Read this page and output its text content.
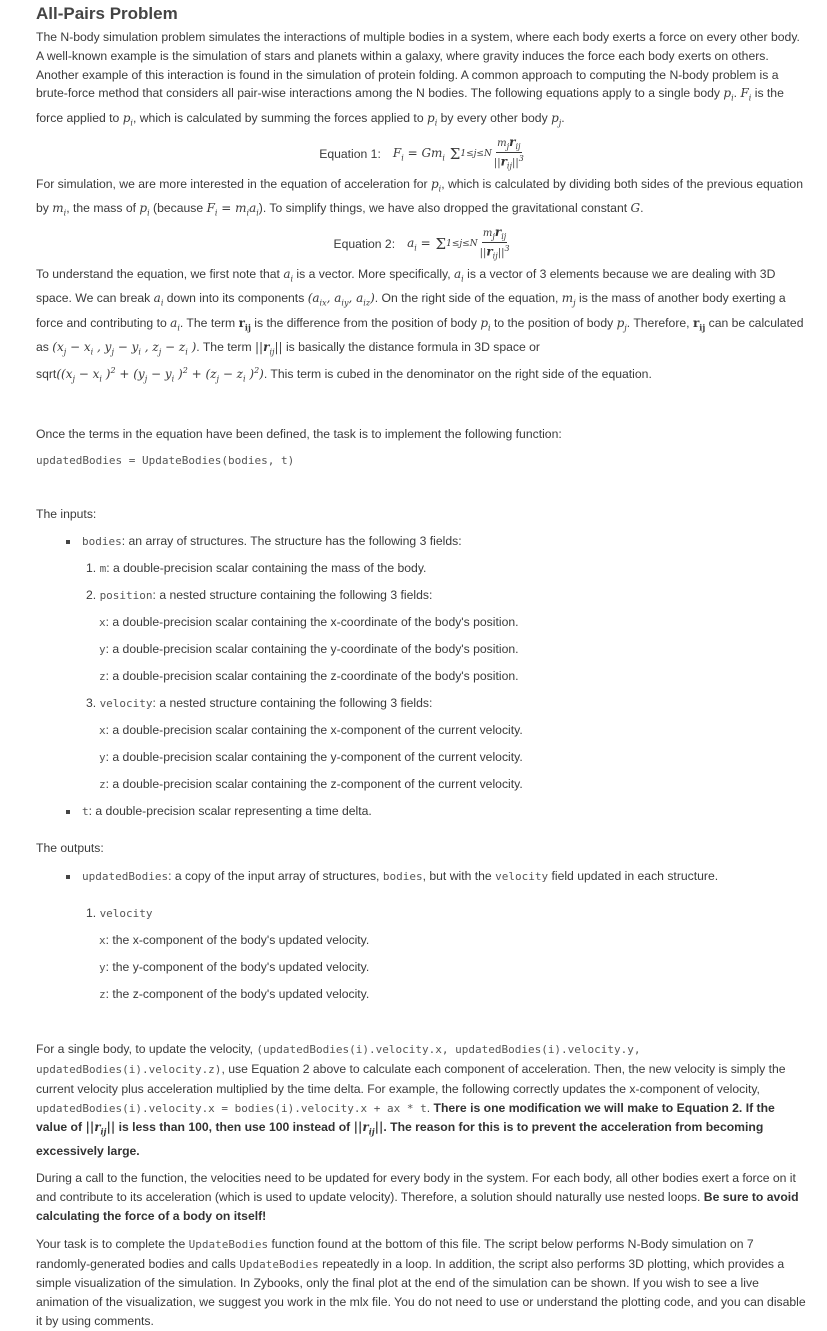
All-Pairs Problem

The N-body simulation problem simulates the interactions of multiple bodies in a system, where each body exerts a force on every other body. A well-known example is the simulation of stars and planets within a galaxy, where gravity induces the force each body exerts on others. Another example of this interaction is found in the simulation of protein folding. A common approach to computing the N-body problem is a brute-force method that considers all pair-wise interactions among the N bodies. The following equations apply to a single body $p_i$. $F_i$ is the force applied to $p_i$, which is calculated by summing the forces applied to $p_i$ by every other body $p_j$.

Equation 1: $F_i = Gm_i$ Σ $1\le j\le N \frac{m_jr_{ij}}{||r_{ij}||^3}$

For simulation, we are more interested in the equation of acceleration for $p_i$, which is calculated by dividing both sides of the previous equation by $m_i$, the mass of $p_i$ (because $F_i = m_ia_i$). To simplify things, we have also dropped the gravitational constant G.

Equation 2: $a_i = \Sigma$ $1\le j\le N \frac{m_jr_{ij}}{||r_{ij}||^3}$

To understand the equation, we first note that $a_i$ is a vector. More specifically, $a_i$ is a vector of 3 elements because we are dealing with 3D space. We can break $a_i$ down into its components ($a_{ix}$, $a_{iy}$, $a_{iz}$). On the right side of the equation, $m_j$ is the mass of another body exerting a force and contributing to $a_i$. The term $r_{ij}$ is the difference from the position of body $p_i$ to the position of body $p_j$. Therefore, $r_{ij}$ can be calculated as ($x_j - x_i$ , $y_j - y_i$ , $z_j - z_i$ ). The term $||r_{ij}||$ is basically the distance formula in 3D space or
$sqrt((x_j - x_i$ )$^2 + (y_j - y_i$ )$^2 + (z_j - z_i$ )$^2$). This term is cubed in the denominator on the right side of the equation.

Once the terms in the equation have been defined, the task is to implement the following function:

updatedBodies = UpdateBodies(bodies, t)

The inputs:

bodies: an array of structures. The structure has the following 3 fields:
1. m: a double-precision scalar containing the mass of the body.
2. position: a nested structure containing the following 3 fields:
x: a double-precision scalar containing the x-coordinate of the body's position.
y: a double-precision scalar containing the y-coordinate of the body's position.
z: a double-precision scalar containing the z-coordinate of the body's position.
3. velocity: a nested structure containing the following 3 fields:
x: a double-precision scalar containing the x-component of the current velocity.
y: a double-precision scalar containing the y-component of the current velocity.
z: a double-precision scalar containing the z-component of the current velocity.
t: a double-precision scalar representing a time delta.

The outputs:

updatedBodies: a copy of the input array of structures, bodies, but with the velocity field updated in each structure.
1. velocity
x: the x-component of the body's updated velocity.
y: the y-component of the body's updated velocity.
z: the z-component of the body's updated velocity.

For a single body, to update the velocity, (updatedBodies(i).velocity.x, updatedBodies(i).velocity.y, updatedBodies(i).velocity.z), use Equation 2 above to calculate each component of acceleration. Then, the new velocity is simply the current velocity plus acceleration multiplied by the time delta. For example, the following correctly updates the x-component of velocity, updatedBodies(i).velocity.x = bodies(i).velocity.x + ax * t. There is one modification we will make to Equation 2. If the value of $||r_{ij}||$ is less than 100, then use 100 instead of $||r_{ij}||$. The reason for this is to prevent the acceleration from becoming excessively large.

During a call to the function, the velocities need to be updated for every body in the system. For each body, all other bodies exert a force on it and contribute to its acceleration (which is used to update velocity). Therefore, a solution should naturally use nested loops. Be sure to avoid calculating the force of a body on itself!

Your task is to complete the UpdateBodies function found at the bottom of this file. The script below performs N-Body simulation on 7 randomly-generated bodies and calls UpdateBodies repeatedly in a loop. In addition, the script also performs 3D plotting, which provides a simple visualization of the simulation. In Zybooks, only the final plot at the end of the simulation can be shown. If you wish to see a live animation of the visualization, we suggest you work in the mlx file. You do not need to use or understand the plotting code, and you can disable it by using comments.
